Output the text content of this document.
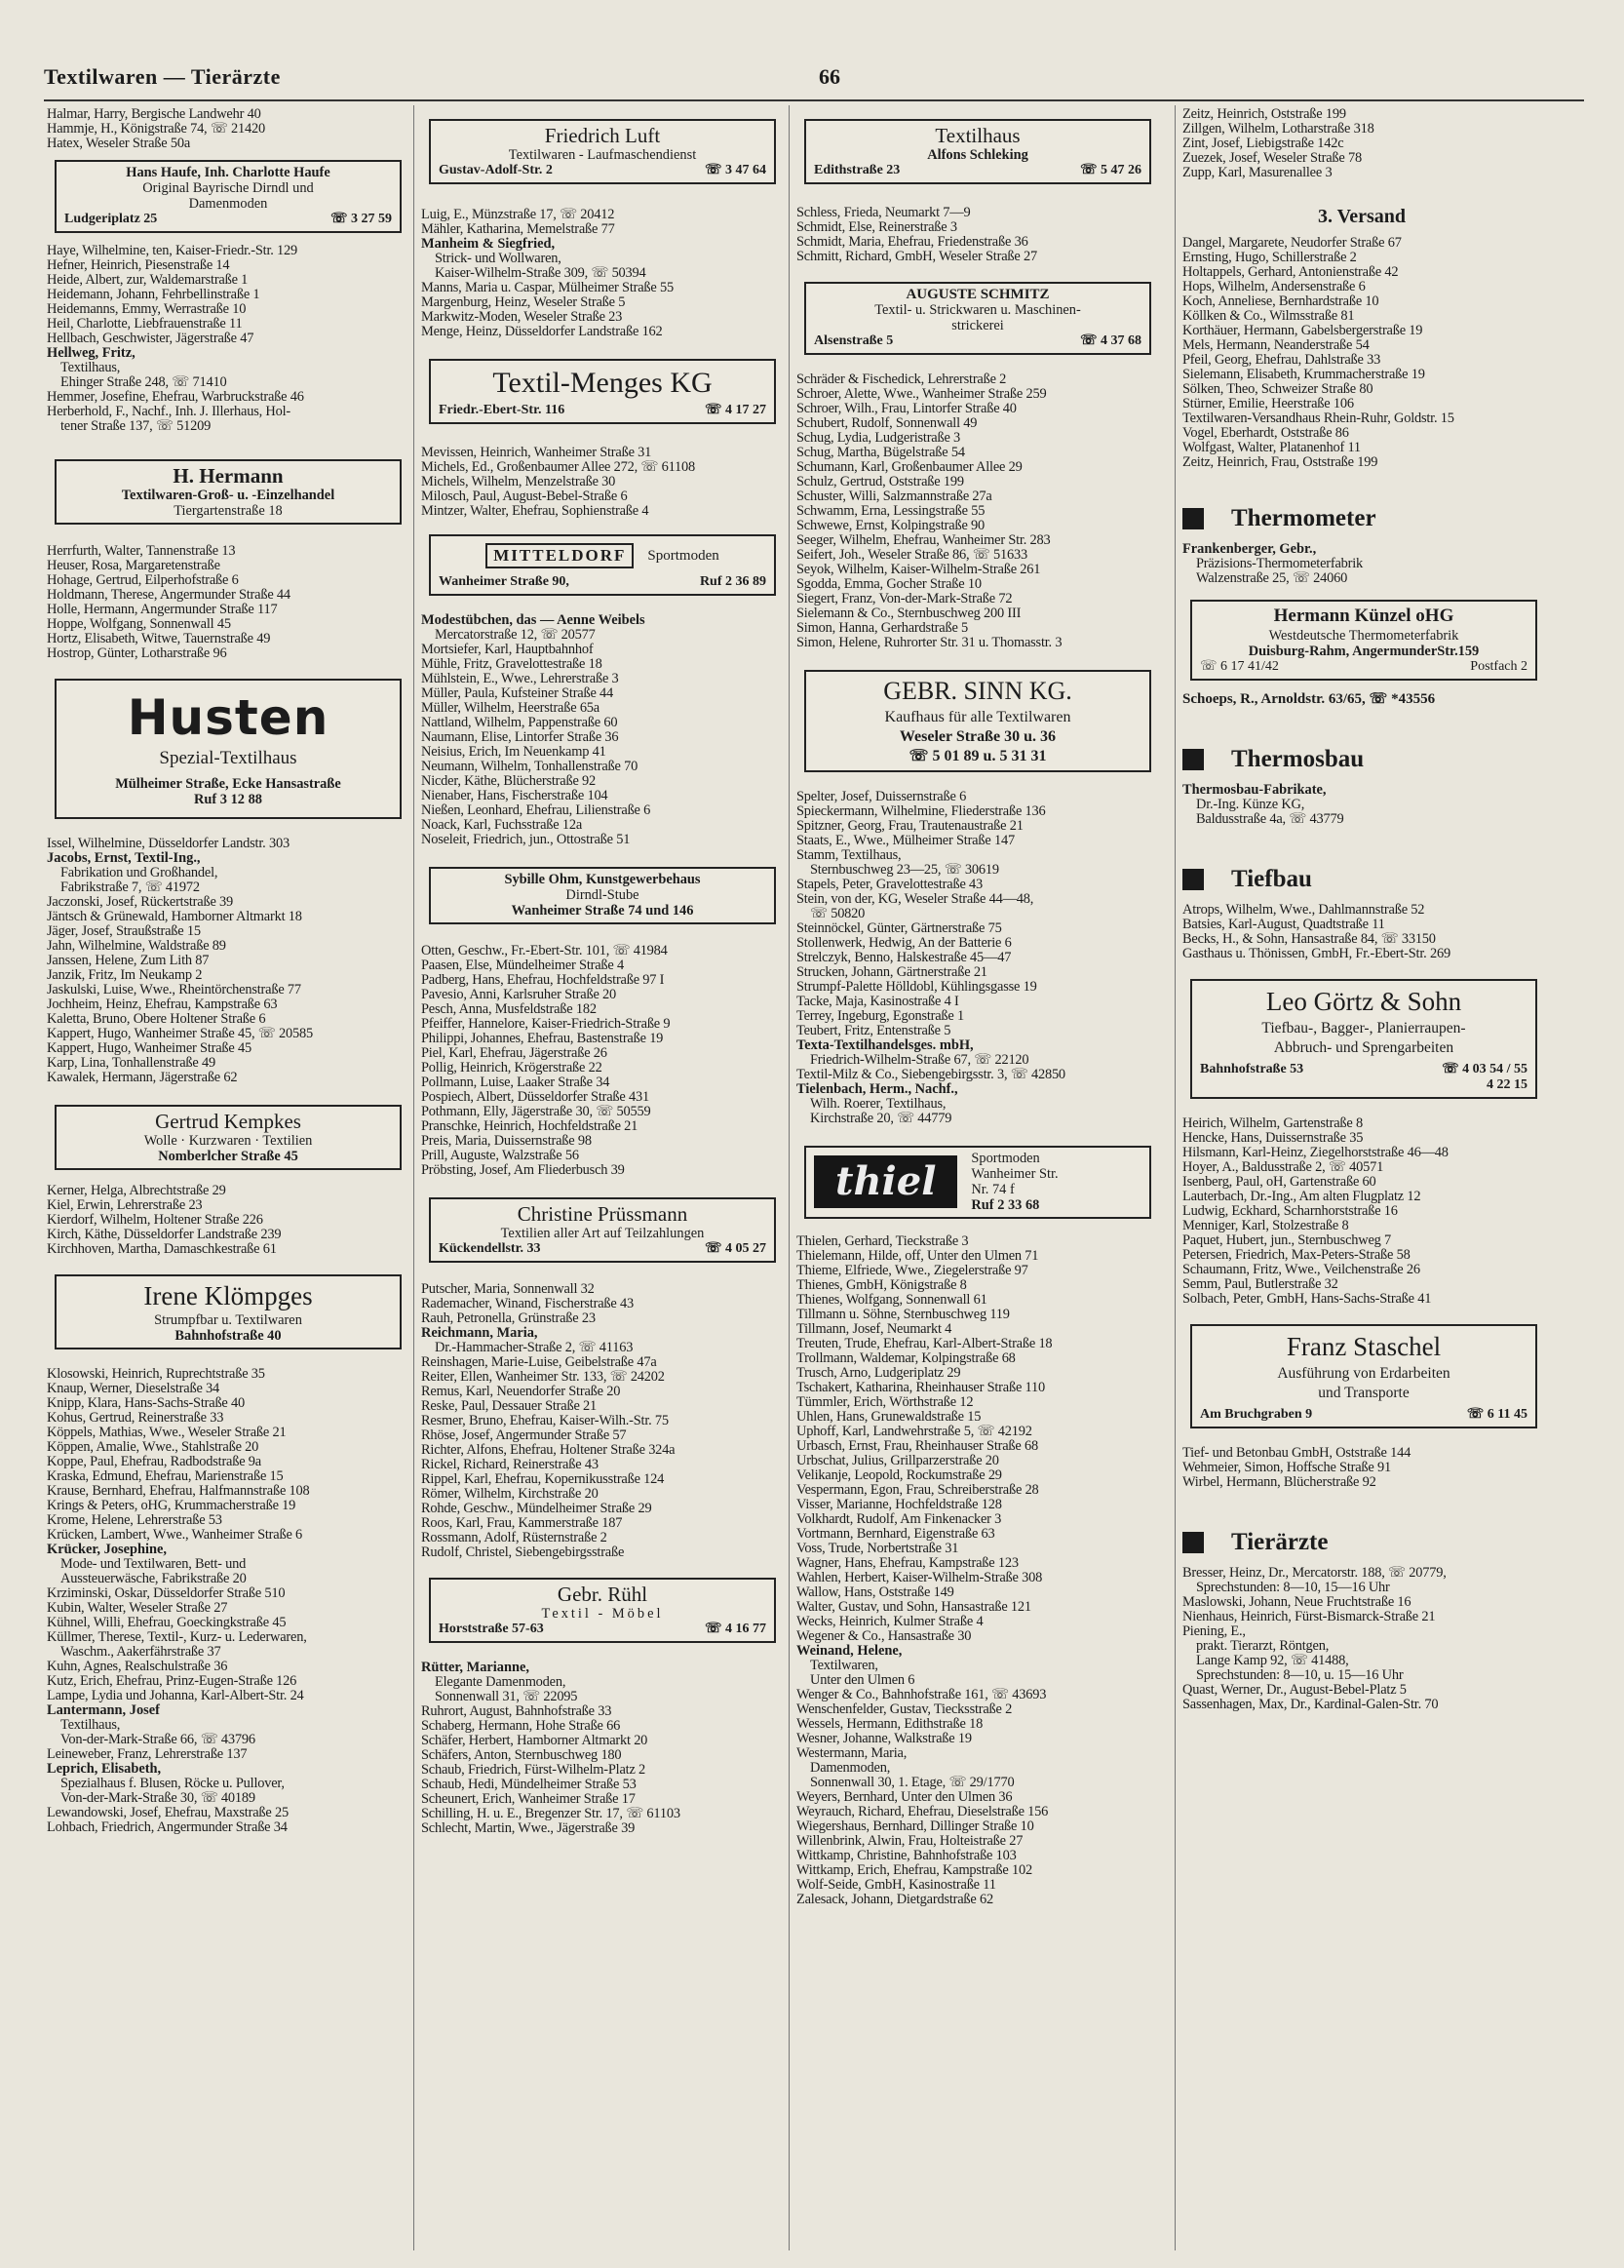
Textilwaren — Tierärzte	66
Halmar, Harry, Bergische Landwehr 40
Hammje, H., Königstraße 74, ☏ 21420
Hatex, Weseler Straße 50a
Hans Haufe, Inh. Charlotte Haufe
Original Bayrische Dirndl und
Damenmoden
Ludgeriplatz 25	☏ 3 27 59
Haye, Wilhelmine, ten, Kaiser-Friedr.-Str. 129
Hefner, Heinrich, Piesenstraße 14
Heide, Albert, zur, Waldemarstraße 1
Heidemann, Johann, Fehrbellinstraße 1
Heidemanns, Emmy, Werrastraße 10
Heil, Charlotte, Liebfrauenstraße 11
Hellbach, Geschwister, Jägerstraße 47
Hellweg, Fritz,
Textilhaus,
Ehinger Straße 248, ☏ 71410
Hemmer, Josefine, Ehefrau, Warbruckstraße 46
Herberhold, F., Nachf., Inh. J. Illerhaus, Hol-
tener Straße 137, ☏ 51209
H. Hermann
Textilwaren-Groß- u. -Einzelhandel
Tiergartenstraße 18
Herrfurth, Walter, Tannenstraße 13
Heuser, Rosa, Margaretenstraße
Hohage, Gertrud, Eilperhofstraße 6
Holdmann, Therese, Angermunder Straße 44
Holle, Hermann, Angermunder Straße 117
Hoppe, Wolfgang, Sonnenwall 45
Hortz, Elisabeth, Witwe, Tauernstraße 49
Hostrop, Günter, Lotharstraße 96
Husten
Spezial-Textilhaus
Mülheimer Straße, Ecke Hansastraße
Ruf 3 12 88
Issel, Wilhelmine, Düsseldorfer Landstr. 303
Jacobs, Ernst, Textil-Ing.,
Fabrikation und Großhandel,
Fabrikstraße 7, ☏ 41972
Jaczonski, Josef, Rückertstraße 39
Jäntsch & Grünewald, Hamborner Altmarkt 18
Jäger, Josef, Straußstraße 15
Jahn, Wilhelmine, Waldstraße 89
Janssen, Helene, Zum Lith 87
Janzik, Fritz, Im Neukamp 2
Jaskulski, Luise, Wwe., Rheintörchenstraße 77
Jochheim, Heinz, Ehefrau, Kampstraße 63
Kaletta, Bruno, Obere Holtener Straße 6
Kappert, Hugo, Wanheimer Straße 45, ☏ 20585
Kappert, Hugo, Wanheimer Straße 45
Karp, Lina, Tonhallenstraße 49
Kawalek, Hermann, Jägerstraße 62
Gertrud Kempkes
Wolle · Kurzwaren · Textilien
Nomberlcher Straße 45
Kerner, Helga, Albrechtstraße 29
Kiel, Erwin, Lehrerstraße 23
Kierdorf, Wilhelm, Holtener Straße 226
Kirch, Käthe, Düsseldorfer Landstraße 239
Kirchhoven, Martha, Damaschkestraße 61
Irene Klömpges
Strumpfbar u. Textilwaren
Bahnhofstraße 40
Klosowski, Heinrich, Ruprechtstraße 35
Knaup, Werner, Dieselstraße 34
Knipp, Klara, Hans-Sachs-Straße 40
Kohus, Gertrud, Reinerstraße 33
Köppels, Mathias, Wwe., Weseler Straße 21
Köppen, Amalie, Wwe., Stahlstraße 20
Koppe, Paul, Ehefrau, Radbodstraße 9a
Kraska, Edmund, Ehefrau, Marienstraße 15
Krause, Bernhard, Ehefrau, Halfmannstraße 108
Krings & Peters, oHG, Krummacherstraße 19
Krome, Helene, Lehrerstraße 53
Krücken, Lambert, Wwe., Wanheimer Straße 6
Krücker, Josephine,
Mode- und Textilwaren, Bett- und
Aussteuerwäsche, Fabrikstraße 20
Krziminski, Oskar, Düsseldorfer Straße 510
Kubin, Walter, Weseler Straße 27
Kühnel, Willi, Ehefrau, Goeckingkstraße 45
Küllmer, Therese, Textil-, Kurz- u. Lederwaren,
Waschm., Aakerfährstraße 37
Kuhn, Agnes, Realschulstraße 36
Kutz, Erich, Ehefrau, Prinz-Eugen-Straße 126
Lampe, Lydia und Johanna, Karl-Albert-Str. 24
Lantermann, Josef
Textilhaus,
Von-der-Mark-Straße 66, ☏ 43796
Leineweber, Franz, Lehrerstraße 137
Leprich, Elisabeth,
Spezialhaus f. Blusen, Röcke u. Pullover,
Von-der-Mark-Straße 30, ☏ 40189
Lewandowski, Josef, Ehefrau, Maxstraße 25
Lohbach, Friedrich, Angermunder Straße 34
Friedrich Luft
Textilwaren - Laufmaschendienst
Gustav-Adolf-Str. 2	☏ 3 47 64
Luig, E., Münzstraße 17, ☏ 20412
Mähler, Katharina, Memelstraße 77
Manheim & Siegfried,
Strick- und Wollwaren,
Kaiser-Wilhelm-Straße 309, ☏ 50394
Manns, Maria u. Caspar, Mülheimer Straße 55
Margenburg, Heinz, Weseler Straße 5
Markwitz-Moden, Weseler Straße 23
Menge, Heinz, Düsseldorfer Landstraße 162
Textil-Menges KG
Friedr.-Ebert-Str. 116	☏ 4 17 27
Mevissen, Heinrich, Wanheimer Straße 31
Michels, Ed., Großenbaumer Allee 272, ☏ 61108
Michels, Wilhelm, Menzelstraße 30
Milosch, Paul, August-Bebel-Straße 6
Mintzer, Walter, Ehefrau, Sophienstraße 4
MITTELDORF	Sportmoden
Wanheimer Straße 90,	Ruf 2 36 89
Modestübchen, das — Aenne Weibels
Mercatorstraße 12, ☏ 20577
Mortsiefer, Karl, Hauptbahnhof
Mühle, Fritz, Gravelottestraße 18
Mühlstein, E., Wwe., Lehrerstraße 3
Müller, Paula, Kufsteiner Straße 44
Müller, Wilhelm, Heerstraße 65a
Nattland, Wilhelm, Pappenstraße 60
Naumann, Elise, Lintorfer Straße 36
Neisius, Erich, Im Neuenkamp 41
Neumann, Wilhelm, Tonhallenstraße 70
Nicder, Käthe, Blücherstraße 92
Nienaber, Hans, Fischerstraße 104
Nießen, Leonhard, Ehefrau, Lilienstraße 6
Noack, Karl, Fuchsstraße 12a
Noseleit, Friedrich, jun., Ottostraße 51
Sybille Ohm, Kunstgewerbehaus
Dirndl-Stube
Wanheimer Straße 74 und 146
Otten, Geschw., Fr.-Ebert-Str. 101, ☏ 41984
Paasen, Else, Mündelheimer Straße 4
Padberg, Hans, Ehefrau, Hochfeldstraße 97 I
Pavesio, Anni, Karlsruher Straße 20
Pesch, Anna, Musfeldstraße 182
Pfeiffer, Hannelore, Kaiser-Friedrich-Straße 9
Philippi, Johannes, Ehefrau, Bastenstraße 19
Piel, Karl, Ehefrau, Jägerstraße 26
Pollig, Heinrich, Krögerstraße 22
Pollmann, Luise, Laaker Straße 34
Pospiech, Albert, Düsseldorfer Straße 431
Pothmann, Elly, Jägerstraße 30, ☏ 50559
Pranschke, Heinrich, Hochfeldstraße 21
Preis, Maria, Duissernstraße 98
Prill, Auguste, Walzstraße 56
Pröbsting, Josef, Am Fliederbusch 39
Christine Prüssmann
Textilien aller Art auf Teilzahlungen
Kückendellstr. 33	☏ 4 05 27
Putscher, Maria, Sonnenwall 32
Rademacher, Winand, Fischerstraße 43
Rauh, Petronella, Grünstraße 23
Reichmann, Maria,
Dr.-Hammacher-Straße 2, ☏ 41163
Reinshagen, Marie-Luise, Geibelstraße 47a
Reiter, Ellen, Wanheimer Str. 133, ☏ 24202
Remus, Karl, Neuendorfer Straße 20
Reske, Paul, Dessauer Straße 21
Resmer, Bruno, Ehefrau, Kaiser-Wilh.-Str. 75
Rhöse, Josef, Angermunder Straße 57
Richter, Alfons, Ehefrau, Holtener Straße 324a
Rickel, Richard, Reinerstraße 43
Rippel, Karl, Ehefrau, Kopernikusstraße 124
Römer, Wilhelm, Kirchstraße 20
Rohde, Geschw., Mündelheimer Straße 29
Roos, Karl, Frau, Kammerstraße 187
Rossmann, Adolf, Rüsternstraße 2
Rudolf, Christel, Siebengebirgsstraße
Gebr. Rühl
Textil - Möbel
Horststraße 57-63	☏ 4 16 77
Rütter, Marianne,
Elegante Damenmoden,
Sonnenwall 31, ☏ 22095
Ruhrort, August, Bahnhofstraße 33
Schaberg, Hermann, Hohe Straße 66
Schäfer, Herbert, Hamborner Altmarkt 20
Schäfers, Anton, Sternbuschweg 180
Schaub, Friedrich, Fürst-Wilhelm-Platz 2
Schaub, Hedi, Mündelheimer Straße 53
Scheunert, Erich, Wanheimer Straße 17
Schilling, H. u. E., Bregenzer Str. 17, ☏ 61103
Schlecht, Martin, Wwe., Jägerstraße 39
Textilhaus
Alfons Schleking
Edithstraße 23	☏ 5 47 26
Schless, Frieda, Neumarkt 7—9
Schmidt, Else, Reinerstraße 3
Schmidt, Maria, Ehefrau, Friedenstraße 36
Schmitt, Richard, GmbH, Weseler Straße 27
AUGUSTE SCHMITZ
Textil- u. Strickwaren u. Maschinen-
strickerei
Alsenstraße 5	☏ 4 37 68
Schräder & Fischedick, Lehrerstraße 2
Schroer, Alette, Wwe., Wanheimer Straße 259
Schroer, Wilh., Frau, Lintorfer Straße 40
Schubert, Rudolf, Sonnenwall 49
Schug, Lydia, Ludgeristraße 3
Schug, Martha, Bügelstraße 54
Schumann, Karl, Großenbaumer Allee 29
Schulz, Gertrud, Oststraße 199
Schuster, Willi, Salzmannstraße 27a
Schwamm, Erna, Lessingstraße 55
Schwewe, Ernst, Kolpingstraße 90
Seeger, Wilhelm, Ehefrau, Wanheimer Str. 283
Seifert, Joh., Weseler Straße 86, ☏ 51633
Seyok, Wilhelm, Kaiser-Wilhelm-Straße 261
Sgodda, Emma, Gocher Straße 10
Siegert, Franz, Von-der-Mark-Straße 72
Sielemann & Co., Sternbuschweg 200 III
Simon, Hanna, Gerhardstraße 5
Simon, Helene, Ruhrorter Str. 31 u. Thomasstr. 3
GEBR. SINN KG.
Kaufhaus für alle Textilwaren
Weseler Straße 30 u. 36
☏ 5 01 89 u. 5 31 31
Spelter, Josef, Duissernstraße 6
Spieckermann, Wilhelmine, Fliederstraße 136
Spitzner, Georg, Frau, Trautenaustraße 21
Staats, E., Wwe., Mülheimer Straße 147
Stamm, Textilhaus,
Sternbuschweg 23—25, ☏ 30619
Stapels, Peter, Gravelottestraße 43
Stein, von der, KG, Weseler Straße 44—48,
☏ 50820
Steinnöckel, Günter, Gärtnerstraße 75
Stollenwerk, Hedwig, An der Batterie 6
Strelczyk, Benno, Halskestraße 45—47
Strucken, Johann, Gärtnerstraße 21
Strumpf-Palette Hölldobl, Kühlingsgasse 19
Tacke, Maja, Kasinostraße 4 I
Terrey, Ingeburg, Egonstraße 1
Teubert, Fritz, Entenstraße 5
Texta-Textilhandelsges. mbH,
Friedrich-Wilhelm-Straße 67, ☏ 22120
Textil-Milz & Co., Siebengebirgsstr. 3, ☏ 42850
Tielenbach, Herm., Nachf.,
Wilh. Roerer, Textilhaus,
Kirchstraße 20, ☏ 44779
thiel	Sportmoden
Wanheimer Str.
Nr. 74 f
Ruf 2 33 68
Thielen, Gerhard, Tieckstraße 3
Thielemann, Hilde, off, Unter den Ulmen 71
Thieme, Elfriede, Wwe., Ziegelerstraße 97
Thienes, GmbH, Königstraße 8
Thienes, Wolfgang, Sonnenwall 61
Tillmann u. Söhne, Sternbuschweg 119
Tillmann, Josef, Neumarkt 4
Treuten, Trude, Ehefrau, Karl-Albert-Straße 18
Trollmann, Waldemar, Kolpingstraße 68
Trusch, Arno, Ludgeriplatz 29
Tschakert, Katharina, Rheinhauser Straße 110
Tümmler, Erich, Wörthstraße 12
Uhlen, Hans, Grunewaldstraße 15
Uphoff, Karl, Landwehrstraße 5, ☏ 42192
Urbasch, Ernst, Frau, Rheinhauser Straße 68
Urbschat, Julius, Grillparzerstraße 20
Velikanje, Leopold, Rockumstraße 29
Vespermann, Egon, Frau, Schreiberstraße 28
Visser, Marianne, Hochfeldstraße 128
Volkhardt, Rudolf, Am Finkenacker 3
Vortmann, Bernhard, Eigenstraße 63
Voss, Trude, Norbertstraße 31
Wagner, Hans, Ehefrau, Kampstraße 123
Wahlen, Herbert, Kaiser-Wilhelm-Straße 308
Wallow, Hans, Oststraße 149
Walter, Gustav, und Sohn, Hansastraße 121
Wecks, Heinrich, Kulmer Straße 4
Wegener & Co., Hansastraße 30
Weinand, Helene,
Textilwaren,
Unter den Ulmen 6
Wenger & Co., Bahnhofstraße 161, ☏ 43693
Wenschenfelder, Gustav, Tiecksstraße 2
Wessels, Hermann, Edithstraße 18
Wesner, Johanne, Walkstraße 19
Westermann, Maria,
Damenmoden,
Sonnenwall 30, 1. Etage, ☏ 29/1770
Weyers, Bernhard, Unter den Ulmen 36
Weyrauch, Richard, Ehefrau, Dieselstraße 156
Wiegershaus, Bernhard, Dillinger Straße 10
Willenbrink, Alwin, Frau, Holteistraße 27
Wittkamp, Christine, Bahnhofstraße 103
Wittkamp, Erich, Ehefrau, Kampstraße 102
Wolf-Seide, GmbH, Kasinostraße 11
Zalesack, Johann, Dietgardstraße 62
Zeitz, Heinrich, Oststraße 199
Zillgen, Wilhelm, Lotharstraße 318
Zint, Josef, Liebigstraße 142c
Zuezek, Josef, Weseler Straße 78
Zupp, Karl, Masurenallee 3
3. Versand
Dangel, Margarete, Neudorfer Straße 67
Ernsting, Hugo, Schillerstraße 2
Holtappels, Gerhard, Antonienstraße 42
Hops, Wilhelm, Andersenstraße 6
Koch, Anneliese, Bernhardstraße 10
Köllken & Co., Wilmsstraße 81
Korthäuer, Hermann, Gabelsbergerstraße 19
Mels, Hermann, Neanderstraße 54
Pfeil, Georg, Ehefrau, Dahlstraße 33
Sielemann, Elisabeth, Krummacherstraße 19
Sölken, Theo, Schweizer Straße 80
Stürner, Emilie, Heerstraße 106
Textilwaren-Versandhaus Rhein-Ruhr, Goldstr. 15
Vogel, Eberhardt, Oststraße 86
Wolfgast, Walter, Platanenhof 11
Zeitz, Heinrich, Frau, Oststraße 199
Thermometer
Frankenberger, Gebr.,
Präzisions-Thermometerfabrik
Walzenstraße 25, ☏ 24060
Hermann Künzel oHG
Westdeutsche Thermometerfabrik
Duisburg-Rahm, AngermunderStr.159
☏ 6 17 41/42	Postfach 2
Schoeps, R., Arnoldstr. 63/65, ☏ *43556
Thermosbau
Thermosbau-Fabrikate,
Dr.-Ing. Künze KG,
Baldusstraße 4a, ☏ 43779
Tiefbau
Atrops, Wilhelm, Wwe., Dahlmannstraße 52
Batsies, Karl-August, Quadtstraße 11
Becks, H., & Sohn, Hansastraße 84, ☏ 33150
Gasthaus u. Thönissen, GmbH, Fr.-Ebert-Str. 269
Leo Görtz & Sohn
Tiefbau-, Bagger-, Planierraupen-
Abbruch- und Sprengarbeiten
Bahnhofstraße 53	☏ 4 03 54 / 55
4 22 15
Heirich, Wilhelm, Gartenstraße 8
Hencke, Hans, Duissernstraße 35
Hilsmann, Karl-Heinz, Ziegelhorststraße 46—48
Hoyer, A., Baldusstraße 2, ☏ 40571
Isenberg, Paul, oH, Gartenstraße 60
Lauterbach, Dr.-Ing., Am alten Flugplatz 12
Ludwig, Eckhard, Scharnhorststraße 16
Menniger, Karl, Stolzestraße 8
Paquet, Hubert, jun., Sternbuschweg 7
Petersen, Friedrich, Max-Peters-Straße 58
Schaumann, Fritz, Wwe., Veilchenstraße 26
Semm, Paul, Butlerstraße 32
Solbach, Peter, GmbH, Hans-Sachs-Straße 41
Franz Staschel
Ausführung von Erdarbeiten
und Transporte
Am Bruchgraben 9	☏ 6 11 45
Tief- und Betonbau GmbH, Oststraße 144
Wehmeier, Simon, Hoffsche Straße 91
Wirbel, Hermann, Blücherstraße 92
Tierärzte
Bresser, Heinz, Dr., Mercatorstr. 188, ☏ 20779,
Sprechstunden: 8—10, 15—16 Uhr
Maslowski, Johann, Neue Fruchtstraße 16
Nienhaus, Heinrich, Fürst-Bismarck-Straße 21
Piening, E.,
prakt. Tierarzt, Röntgen,
Lange Kamp 92, ☏ 41488,
Sprechstunden: 8—10, u. 15—16 Uhr
Quast, Werner, Dr., August-Bebel-Platz 5
Sassenhagen, Max, Dr., Kardinal-Galen-Str. 70
